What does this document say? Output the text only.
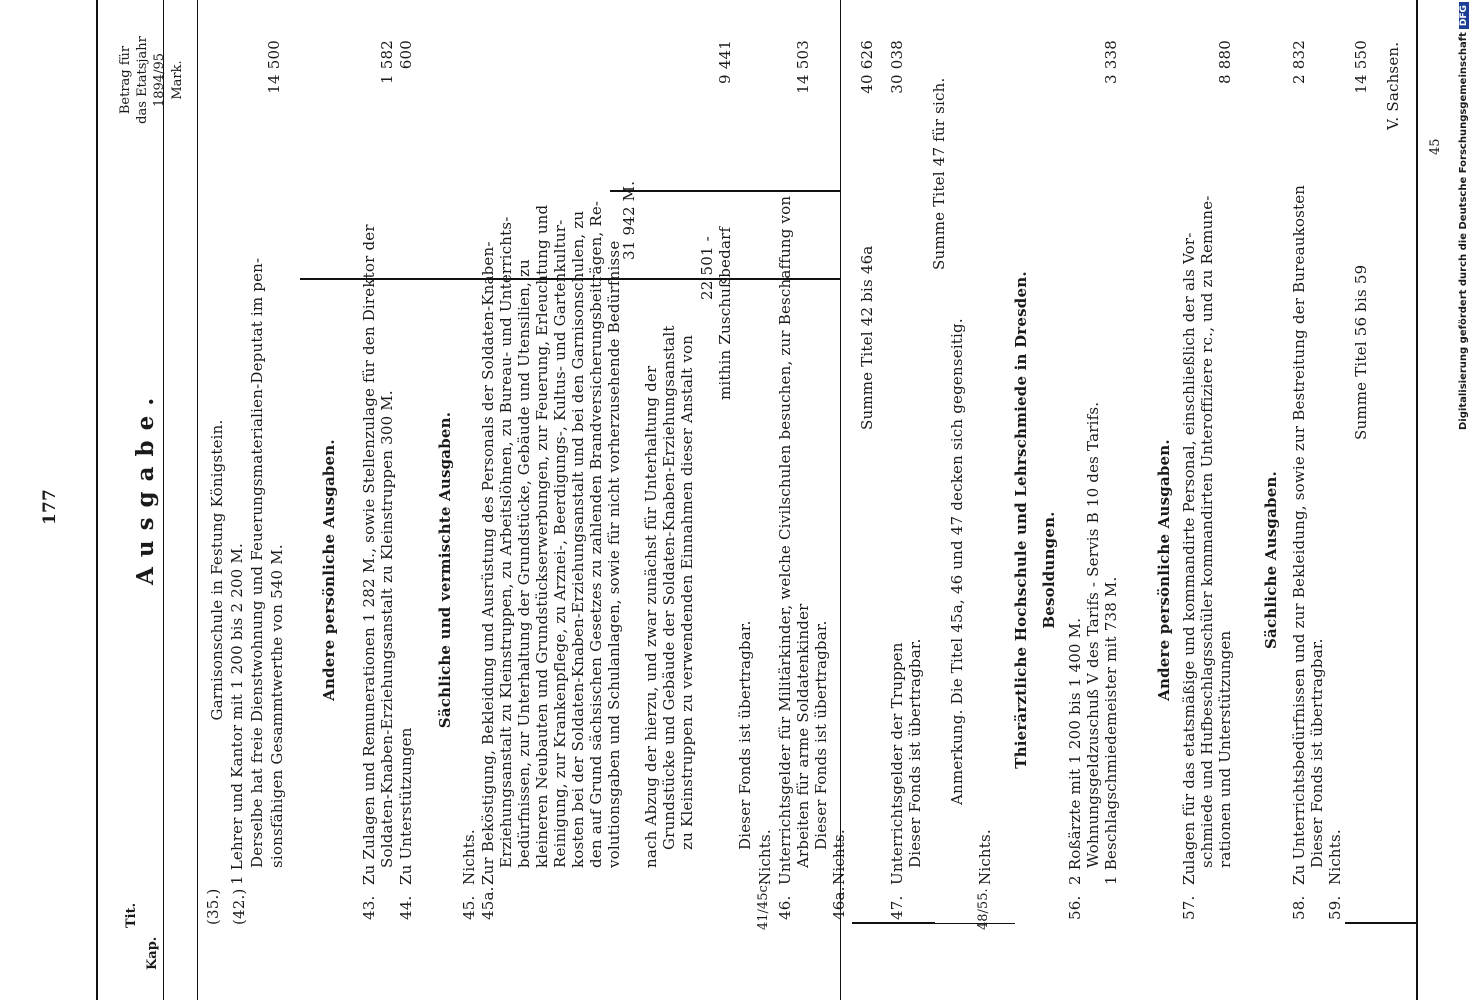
V. Sachsen.
177	Ausgabe.
Kap.
Tit.
Betrag für das Etatsjahr 1894/95 Mark.
(35.) (42.)
Garnisonschule in Festung Königstein. 1 Lehrer und Kantor mit 1 200 bis 2 200 M. Derselbe hat freie Dienstwohnung und Feuerungsmaterialien-Deputat im pen- sionsfähigen Gesammtwerthe von 540 M.
14 500
Andere persönliche Ausgaben.
43.
Zu Zulagen und Remunerationen 1 282 M., sowie Stellenzulage für den Direktor der Soldaten-Knaben-Erziehungsanstalt zu Kleinstruppen 300 M.
1 582
44.
Zu Unterstützungen
600
Sächliche und vermischte Ausgaben.
45.
Nichts.
45a.
Zur Beköstigung, Bekleidung und Ausrüstung des Personals der Soldaten-Knaben- Erziehungsanstalt zu Kleinstruppen, zu Arbeitslöhnen, zu Bureau- und Unterrichts- bedürfnissen, zur Unterhaltung der Grundstücke, Gebäude und Utensilien, zu kleineren Neubauten und Grundstückserwerbungen, zur Feuerung, Erleuchtung und Reinigung, zur Krankenpflege, zu Arznei-, Beerdigungs-, Kultus- und Gartenkultur- kosten bei der Soldaten-Knaben-Erziehungsanstalt und bei den Garnisonschulen, zu den auf Grund sächsischen Gesetzes zu zahlenden Brandversicherungsbeiträgen, Re- volutionsgaben und Schulanlagen, sowie für nicht vorherzusehende Bedürfnisse
31 942 M.
nach Abzug der hierzu, und zwar zunächst für Unterhaltung der Grundstücke und Gebäude der Soldaten-Knaben-Erziehungsanstalt zu Kleinstruppen zu verwendenden Einnahmen dieser Anstalt von
22 501 - mithin Zuschußbedarf
9 441
Dieser Fonds ist übertragbar.
41/45c.
Nichts.
46.
Unterrichtsgelder für Militärkinder, welche Civilschulen besuchen, zur Beschaffung von Arbeiten für arme Soldatenkinder Dieser Fonds ist übertragbar.
14 503
46a.
Nichts.
Summe Titel 42 bis 46a
40 626
47.
Unterrichtsgelder der Truppen Dieser Fonds ist übertragbar.
30 038
Summe Titel 47 für sich.
Anmerkung. Die Titel 45a, 46 und 47 decken sich gegenseitig.
48/55.
Nichts.
Thierärztliche Hochschule und Lehrschmiede in Dresden. Besoldungen.
56.
2 Roßärzte mit 1 200 bis 1 400 M. Wohnungsgeldzuschuß V des Tarifs - Servis B 10 des Tarifs. 1 Beschlagschmiedemeister mit 738 M.
3 338
Andere persönliche Ausgaben.
57.
Zulagen für das etatsmäßige und kommandirte Personal, einschließlich der als Vor- schmiede und Hufbeschlagsschüler kommandirten Unteroffiziere rc., und zu Remune- rationen und Unterstützungen
8 880
Sächliche Ausgaben.
58.
Zu Unterrichtsbedürfnissen und zur Bekleidung, sowie zur Bestreitung der Bureaukosten Dieser Fonds ist übertragbar.
2 832
59.
Nichts.
Summe Titel 56 bis 59
14 550
45 Digitalisierung gefördert durch die Deutsche ForschungsgemeinschaftDFG
